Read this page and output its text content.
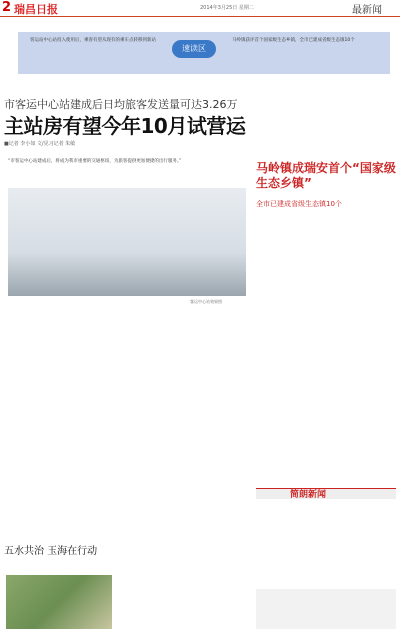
2 瑞昌日报	2014年3月25日 星期二	最新闻
客运站中心站投入使用后，乘客有望从现有的乘车点转移到新站
速读区
马岭镇获评首个国家级生态乡镇，全市已建成省级生态镇10个
市客运中心站建成后日均旅客发送量可达3.26万
主站房有望今年10月试营运
■记者 李小如 文/见习记者 朱敏
“市客运中心站建成后，将成为我市重要的交通枢纽，为旅客提供更加便捷的出行服务。”
客运中心站效果图
马岭镇成瑞安首个“国家级生态乡镇”
全市已建成省级生态镇10个
简朗新闻
五水共治 玉海在行动
